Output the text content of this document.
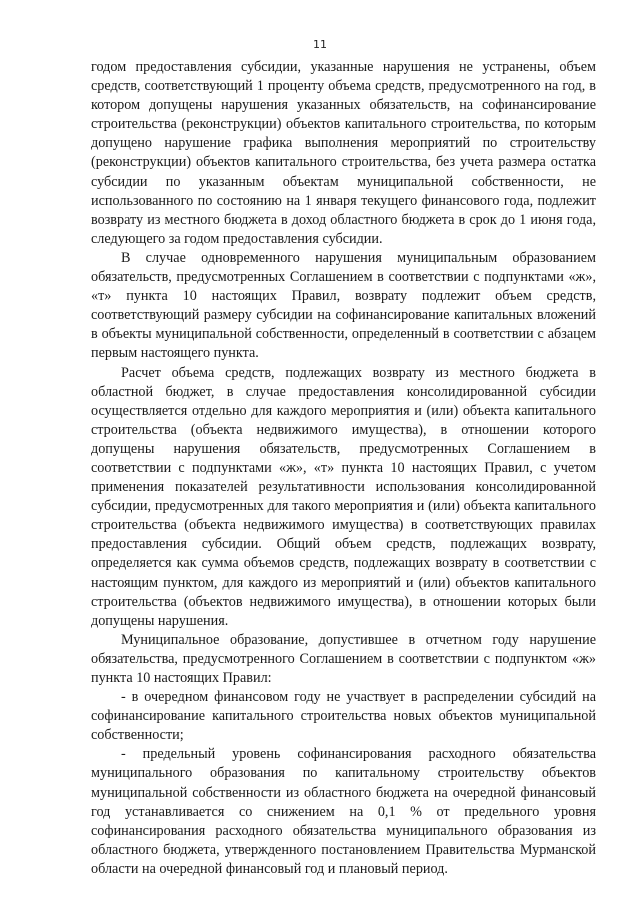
11

годом предоставления субсидии, указанные нарушения не устранены, объем средств, соответствующий 1 проценту объема средств, предусмотренного на год, в котором допущены нарушения указанных обязательств, на софинансирование строительства (реконструкции) объектов капитального строительства, по которым допущено нарушение графика выполнения мероприятий по строительству (реконструкции) объектов капитального строительства, без учета размера остатка субсидии по указанным объектам муниципальной собственности, не использованного по состоянию на 1 января текущего финансового года, подлежит возврату из местного бюджета в доход областного бюджета в срок до 1 июня года, следующего за годом предоставления субсидии.

В случае одновременного нарушения муниципальным образованием обязательств, предусмотренных Соглашением в соответствии с подпунктами «ж», «т» пункта 10 настоящих Правил, возврату подлежит объем средств, соответствующий размеру субсидии на софинансирование капитальных вложений в объекты муниципальной собственности, определенный в соответствии с абзацем первым настоящего пункта.

Расчет объема средств, подлежащих возврату из местного бюджета в областной бюджет, в случае предоставления консолидированной субсидии осуществляется отдельно для каждого мероприятия и (или) объекта капитального строительства (объекта недвижимого имущества), в отношении которого допущены нарушения обязательств, предусмотренных Соглашением в соответствии с подпунктами «ж», «т» пункта 10 настоящих Правил, с учетом применения показателей результативности использования консолидированной субсидии, предусмотренных для такого мероприятия и (или) объекта капитального строительства (объекта недвижимого имущества) в соответствующих правилах предоставления субсидии. Общий объем средств, подлежащих возврату, определяется как сумма объемов средств, подлежащих возврату в соответствии с настоящим пунктом, для каждого из мероприятий и (или) объектов капитального строительства (объектов недвижимого имущества), в отношении которых были допущены нарушения.

Муниципальное образование, допустившее в отчетном году нарушение обязательства, предусмотренного Соглашением в соответствии с подпунктом «ж» пункта 10 настоящих Правил:

- в очередном финансовом году не участвует в распределении субсидий на софинансирование капитального строительства новых объектов муниципальной собственности;

- предельный уровень софинансирования расходного обязательства муниципального образования по капитальному строительству объектов муниципальной собственности из областного бюджета на очередной финансовый год устанавливается со снижением на 0,1 % от предельного уровня софинансирования расходного обязательства муниципального образования из областного бюджета, утвержденного постановлением Правительства Мурманской области на очередной финансовый год и плановый период.
